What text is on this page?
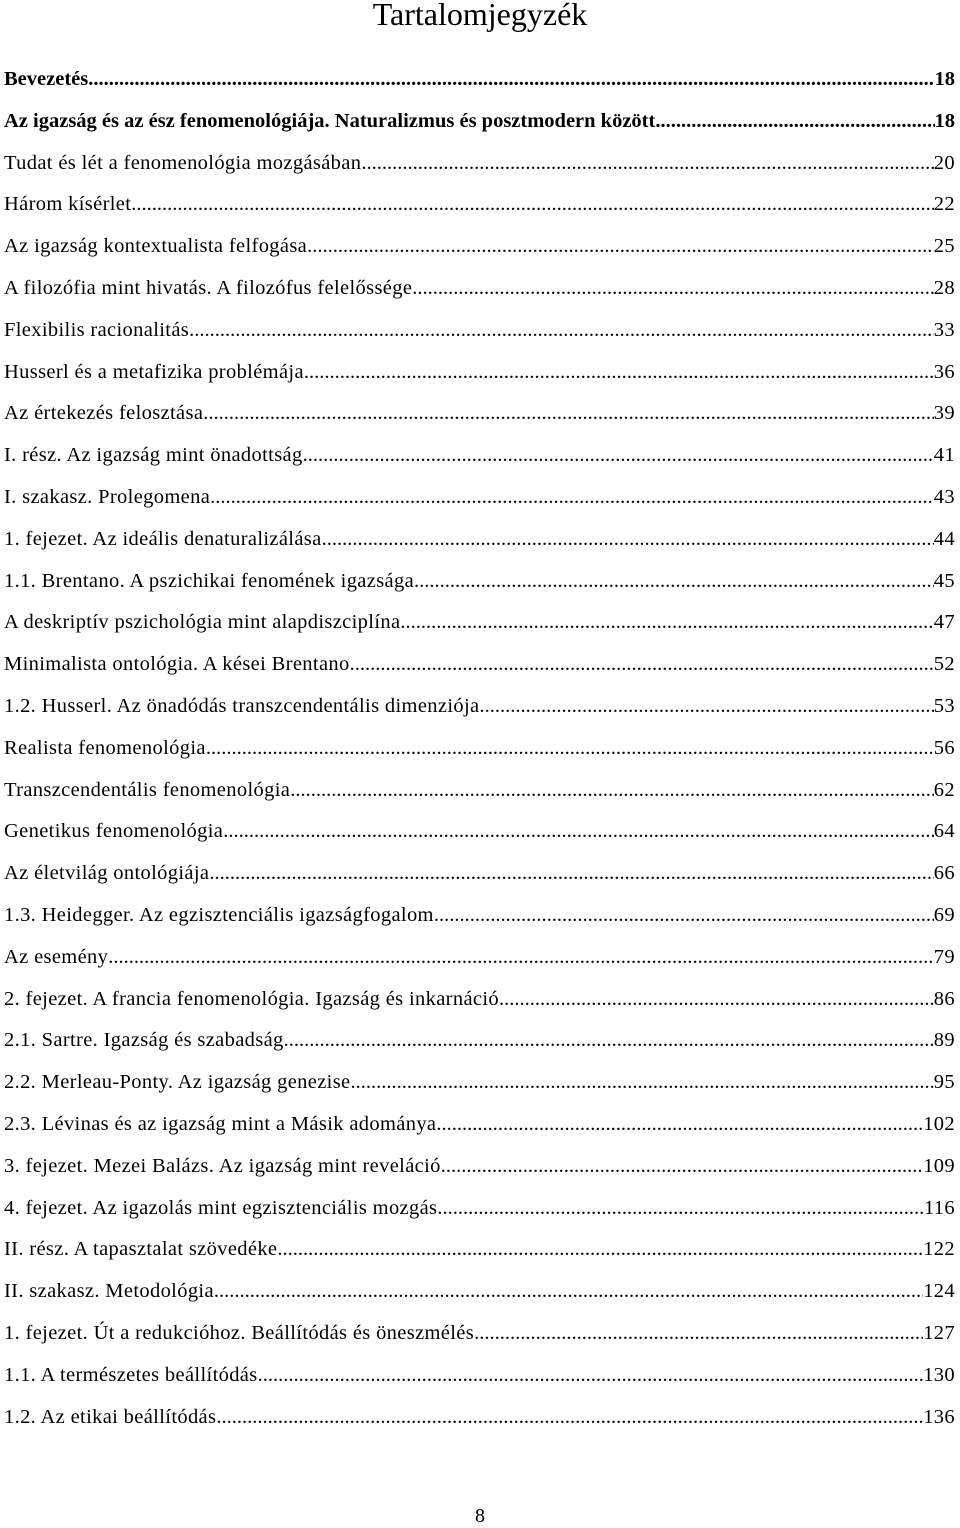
Tartalomjegyzék
Bevezetés .....	18
Az igazság és az ész fenomenológiája. Naturalizmus és posztmodern között .....	18
Tudat és lét a fenomenológia mozgásában .....	20
Három kísérlet .....	22
Az igazság kontextualista felfogása .....	25
A filozófia mint hivatás. A filozófus felelőssége .....	28
Flexibilis racionalitás .....	33
Husserl és a metafizika problémája .....	36
Az értekezés felosztása .....	39
I. rész. Az igazság mint önadottság .....	41
I. szakasz. Prolegomena .....	43
1. fejezet. Az ideális denaturalizálása .....	44
1.1. Brentano. A pszichikai fenomének igazsága .....	45
A deskriptív pszichológia mint alapdiszciplína .....	47
Minimalista ontológia. A kései Brentano .....	52
1.2. Husserl. Az önadódás transzcendentális dimenziója .....	53
Realista fenomenológia .....	56
Transzcendentális fenomenológia .....	62
Genetikus fenomenológia .....	64
Az életvilág ontológiája .....	66
1.3. Heidegger. Az egzisztenciális igazságfogalom .....	69
Az esemény .....	79
2. fejezet. A francia fenomenológia. Igazság és inkarnáció .....	86
2.1. Sartre. Igazság és szabadság .....	89
2.2. Merleau-Ponty. Az igazság genezise .....	95
2.3. Lévinas és az igazság mint a Másik adománya .....	102
3. fejezet. Mezei Balázs. Az igazság mint reveláció .....	109
4. fejezet. Az igazolás mint egzisztenciális mozgás .....	116
II. rész. A tapasztalat szövedéke .....	122
II. szakasz. Metodológia .....	124
1. fejezet. Út a redukcióhoz. Beállítódás és öneszmélés .....	127
1.1. A természetes beállítódás .....	130
1.2. Az etikai beállítódás .....	136
8
